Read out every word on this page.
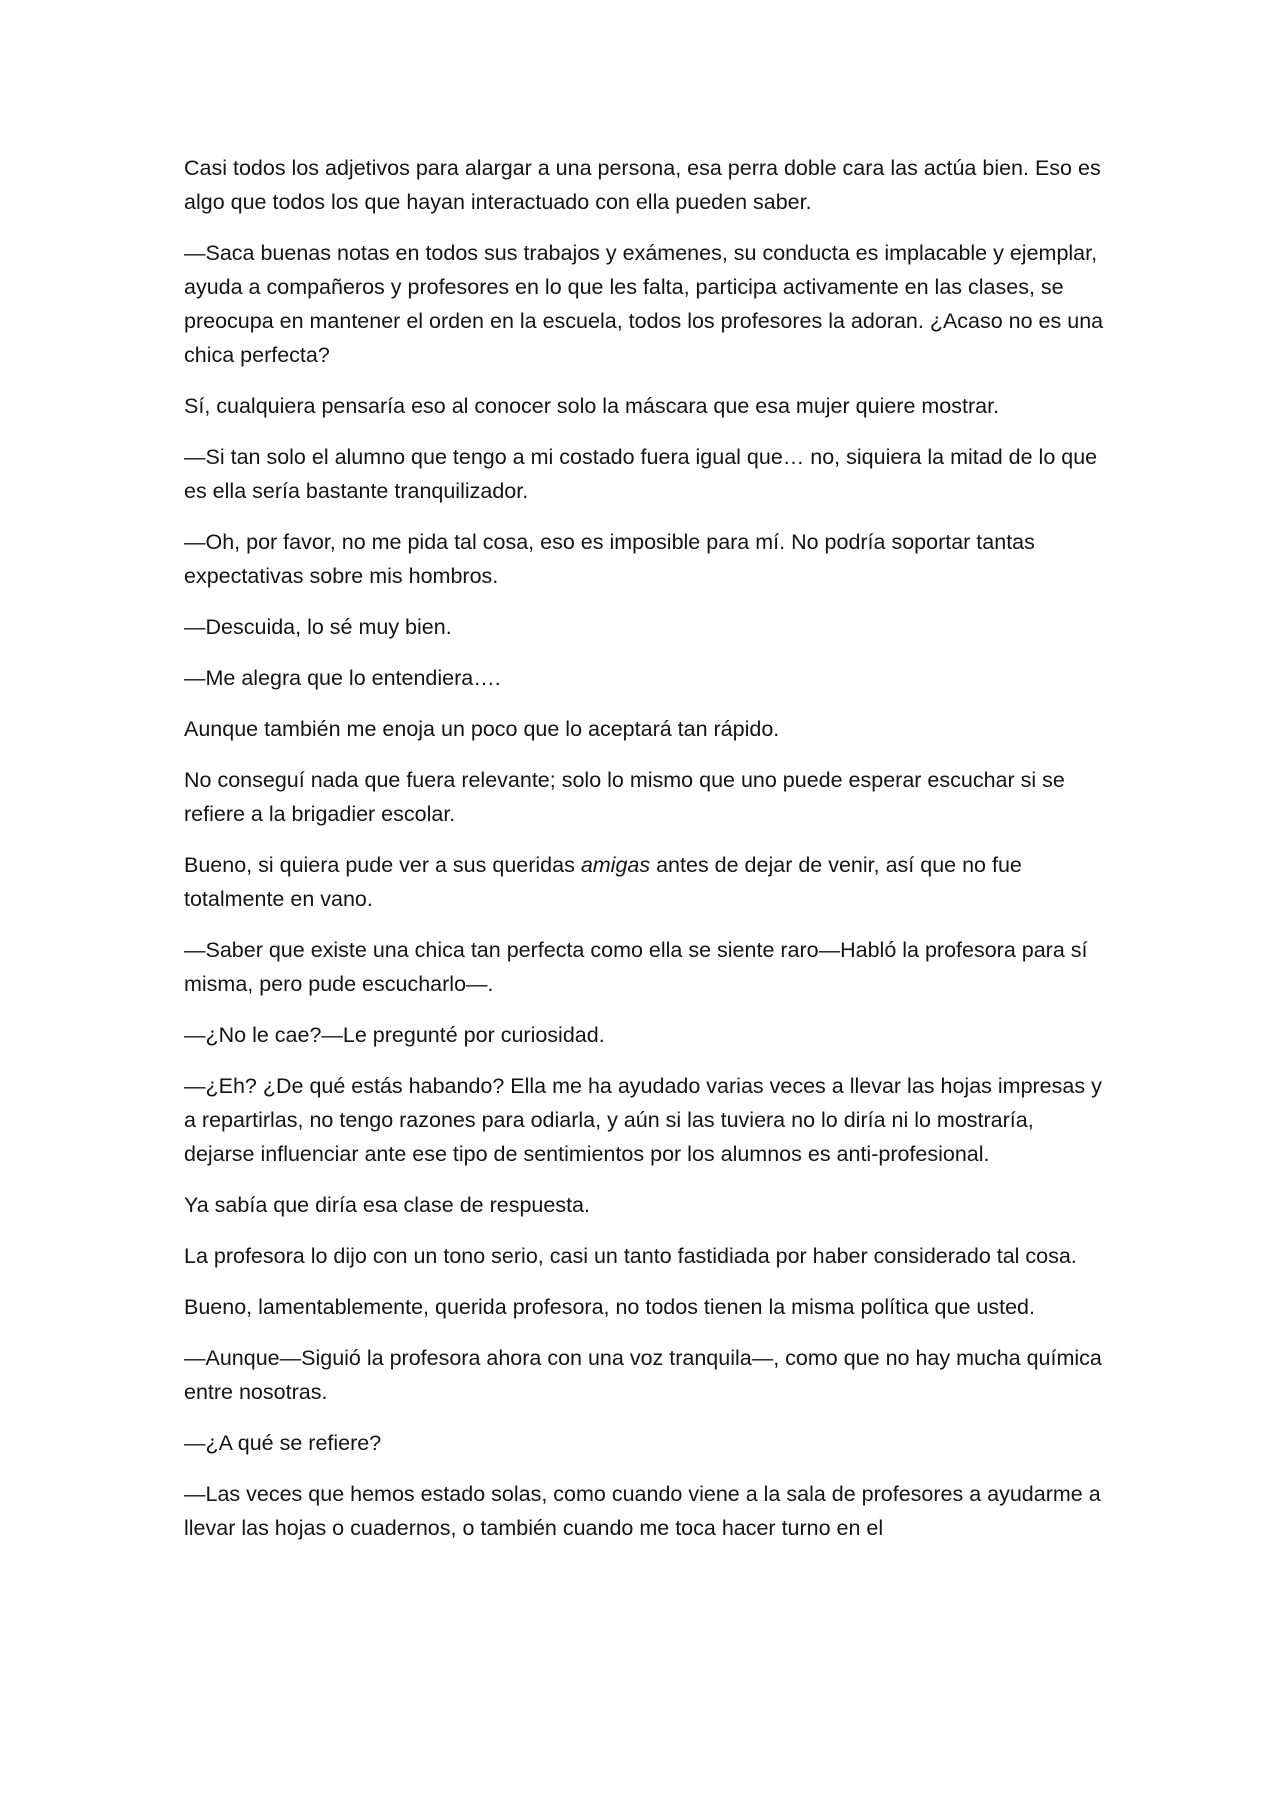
Casi todos los adjetivos para alargar a una persona, esa perra doble cara las actúa bien. Eso es algo que todos los que hayan interactuado con ella pueden saber.

—Saca buenas notas en todos sus trabajos y exámenes, su conducta es implacable y ejemplar, ayuda a compañeros y profesores en lo que les falta, participa activamente en las clases, se preocupa en mantener el orden en la escuela, todos los profesores la adoran. ¿Acaso no es una chica perfecta?

Sí, cualquiera pensaría eso al conocer solo la máscara que esa mujer quiere mostrar.

—Si tan solo el alumno que tengo a mi costado fuera igual que… no, siquiera la mitad de lo que es ella sería bastante tranquilizador.

—Oh, por favor, no me pida tal cosa, eso es imposible para mí. No podría soportar tantas expectativas sobre mis hombros.

—Descuida, lo sé muy bien.

—Me alegra que lo entendiera….

Aunque también me enoja un poco que lo aceptará tan rápido.

No conseguí nada que fuera relevante; solo lo mismo que uno puede esperar escuchar si se refiere a la brigadier escolar.

Bueno, si quiera pude ver a sus queridas amigas antes de dejar de venir, así que no fue totalmente en vano.

—Saber que existe una chica tan perfecta como ella se siente raro—Habló la profesora para sí misma, pero pude escucharlo—.

—¿No le cae?—Le pregunté por curiosidad.

—¿Eh? ¿De qué estás habando? Ella me ha ayudado varias veces a llevar las hojas impresas y a repartirlas, no tengo razones para odiarla, y aún si las tuviera no lo diría ni lo mostraría, dejarse influenciar ante ese tipo de sentimientos por los alumnos es anti-profesional.

Ya sabía que diría esa clase de respuesta.

La profesora lo dijo con un tono serio, casi un tanto fastidiada por haber considerado tal cosa.

Bueno, lamentablemente, querida profesora, no todos tienen la misma política que usted.

—Aunque—Siguió la profesora ahora con una voz tranquila—, como que no hay mucha química entre nosotras.

—¿A qué se refiere?

—Las veces que hemos estado solas, como cuando viene a la sala de profesores a ayudarme a llevar las hojas o cuadernos, o también cuando me toca hacer turno en el
